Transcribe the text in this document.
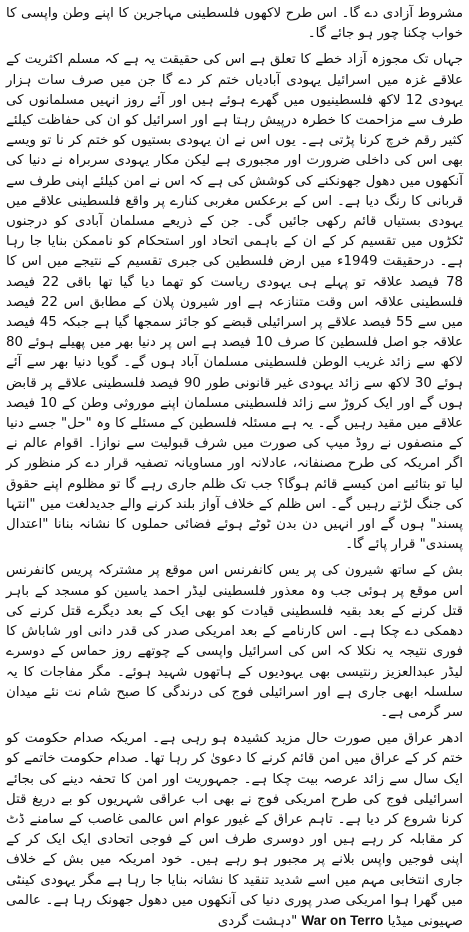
مشروط آزادی دے گا۔ اس طرح لاکھوں فلسطینی مہاجرین کا اپنے وطن واپسی کا خواب چکنا چور ہو جائے گا۔

جہاں تک مجوزہ آزاد خطے کا تعلق ہے اس کی حقیقت یہ ہے کہ مسلم اکثریت کے علاقے غزہ میں اسرائیل یہودی آبادیاں ختم کر دے گا جن میں صرف سات ہزار یہودی 12 لاکھ فلسطینیوں میں گھرے ہوئے ہیں اور آئے روز انہیں مسلمانوں کی طرف سے مزاحمت کا خطرہ درپیش رہتا ہے اور اسرائیل کو ان کی حفاظت کیلئے کثیر رقم خرچ کرنا پڑتی ہے۔ یوں اس نے ان یہودی بستیوں کو ختم کر نا تو ویسے بھی اس کی داخلی ضرورت اور مجبوری ہے لیکن مکار یہودی سربراہ نے دنیا کی آنکھوں میں دھول جھونکنے کی کوشش کی ہے کہ اس نے امن کیلئے اپنی طرف سے قربانی کا رنگ دیا ہے۔ اس کے برعکس مغربی کنارے پر واقع فلسطینی علاقے میں یہودی بستیاں قائم رکھی جائیں گی۔ جن کے ذریعے مسلمان آبادی کو درجنوں ٹکڑوں میں تقسیم کر کے ان کے باہمی اتحاد اور استحکام کو ناممکن بنایا جا رہا ہے۔ درحقیقت 1949ء میں ارض فلسطین کی جبری تقسیم کے نتیجے میں اس کا 78 فیصد علاقہ تو پہلے ہی یہودی ریاست کو تھما دیا گیا تھا باقی 22 فیصد فلسطینی علاقہ اس وقت متنازعہ ہے اور شیرون پلان کے مطابق اس 22 فیصد میں سے 55 فیصد علاقے پر اسرائیلی قبضے کو جائز سمجھا گیا ہے جبکہ 45 فیصد علاقہ جو اصل فلسطین کا صرف 10 فیصد ہے اس پر دنیا بھر میں پھیلے ہوئے 80 لاکھ سے زائد غریب الوطن فلسطینی مسلمان آباد ہوں گے۔ گویا دنیا بھر سے آئے ہوئے 30 لاکھ سے زائد یہودی غیر قانونی طور 90 فیصد فلسطینی علاقے پر قابض ہوں گے اور ایک کروڑ سے زائد فلسطینی مسلمان اپنے موروثی وطن کے 10 فیصد علاقے میں مقید رہیں گے۔ یہ ہے مسئلہ فلسطین کے مسئلے کا وہ "حل" جسے دنیا کے منصفوں نے روڈ میپ کی صورت میں شرف قبولیت سے نوازا۔ اقوام عالم نے اگر امریکہ کی طرح مصنفانہ، عادلانہ اور مساویانہ تصفیہ قرار دے کر منظور کر لیا تو بتائیے امن کیسے قائم ہوگا؟ جب تک ظلم جاری رہے گا تو مظلوم اپنے حقوق کی جنگ لڑتے رہیں گے۔ اس ظلم کے خلاف آواز بلند کرنے والے جدیدلغت میں "انتہا پسند" ہوں گے اور انہیں دن بدن ٹوٹے ہوئے فضائی حملوں کا نشانہ بنانا "اعتدال پسندی" قرار پائے گا۔

بش کے ساتھ شیرون کی پر یس کانفرنس اس موقع پر مشترکہ پریس کانفرنس اس موقع پر ہوئی جب وہ معذور فلسطینی لیڈر احمد یاسین کو مسجد کے باہر قتل کرنے کے بعد بقیہ فلسطینی قیادت کو بھی ایک کے بعد دیگرے قتل کرنے کی دھمکی دے چکا ہے۔ اس کارنامے کے بعد امریکی صدر کی قدر دانی اور شاباش کا فوری نتیجہ یہ نکلا کہ اس کی اسرائیل واپسی کے چوتھے روز حماس کے دوسرے لیڈر عبدالعزیز رنتیسی بھی یہودیوں کے ہاتھوں شہید ہوئے۔ مگر مفاجات کا یہ سلسلہ ابھی جاری ہے اور اسرائیلی فوج کی درندگی کا صبح شام نت نئے میدان سر گرمی ہے۔

ادھر عراق میں صورت حال مزید کشیدہ ہو رہی ہے۔ امریکہ صدام حکومت کو ختم کر کے عراق میں امن قائم کرنے کا دعویٰ کر رہا تھا۔ صدام حکومت خاتمے کو ایک سال سے زائد عرصہ بیت چکا ہے۔ جمہوریت اور امن کا تحفہ دینے کی بجائے اسرائیلی فوج کی طرح امریکی فوج نے بھی اب عراقی شہریوں کو بے دریغ قتل کرنا شروع کر دیا ہے۔ تاہم عراق کے غیور عوام اس عالمی غاصب کے سامنے ڈٹ کر مقابلہ کر رہے ہیں اور دوسری طرف اس کے فوجی اتحادی ایک ایک کر کے اپنی فوجیں واپس بلانے پر مجبور ہو رہے ہیں۔ خود امریکہ میں بش کے خلاف جاری انتخابی مہم میں اسے شدید تنقید کا نشانہ بنایا جا رہا ہے مگر یہودی کینٹی میں گھرا ہوا امریکی صدر پوری دنیا کی آنکھوں میں دھول جھونک رہا ہے۔ عالمی صہیونی میڈیا War on Terro "دہشت گردی
